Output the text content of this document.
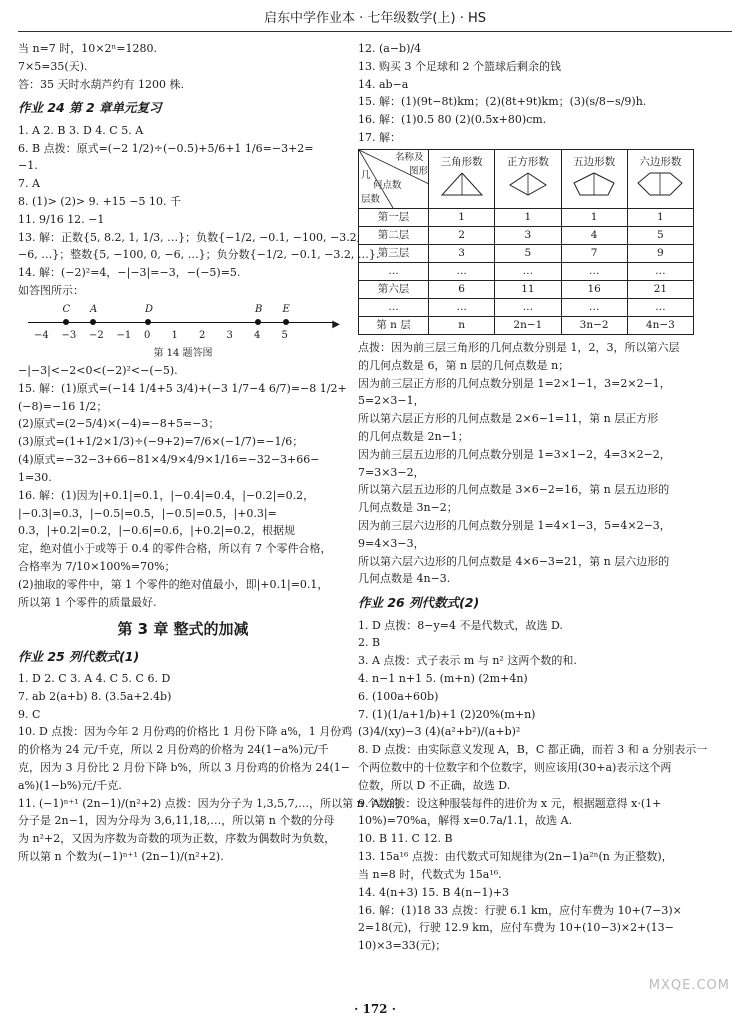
启东中学作业本 · 七年级数学(上) · HS
当 n=7 时，10×2ⁿ=1280.
7×5=35(天).
答：35 天时水葫芦约有 1200 株.
作业 24 第 2 章单元复习
1. A 2. B 3. D 4. C 5. A
6. B 点拨：原式=(−2 1/2)÷(−0.5)+5/6+1 1/6=−3+2=
−1.
7. A
8. (1)> (2)> 9. +15 −5 10. 千
11. 9/16 12. −1
13. 解：正数{5, 8.2, 1, 1/3, …}；负数{−1/2, −0.1, −100, −3.2,
−6, …}；整数{5, −100, 0, −6, …}；负分数{−1/2, −0.1, −3.2, …}.
14. 解：(−2)²=4，−|−3|=−3，−(−5)=5.
如答图所示：
▶
−4 −3 −2 −1 0 1 2 3 4 5
C A	D	B E
第 14 题答图
−|−3|<−2<0<(−2)²<−(−5).
15. 解：(1)原式=(−14 1/4+5 3/4)+(−3 1/7−4 6/7)=−8 1/2+
(−8)=−16 1/2；
(2)原式=(2−5/4)×(−4)=−8+5=−3；
(3)原式=(1+1/2×1/3)÷(−9+2)=7/6×(−1/7)=−1/6；
(4)原式=−32−3+66−81×4/9×4/9×1/16=−32−3+66−
1=30.
16. 解：(1)因为|+0.1|=0.1，|−0.4|=0.4，|−0.2|=0.2，
|−0.3|=0.3，|−0.5|=0.5，|−0.5|=0.5，|+0.3|=
0.3，|+0.2|=0.2，|−0.6|=0.6，|+0.2|=0.2，根据规
定，绝对值小于或等于 0.4 的零件合格，所以有 7 个零件合格，
合格率为 7/10×100%=70%；
(2)抽取的零件中，第 1 个零件的绝对值最小，即|+0.1|=0.1，
所以第 1 个零件的质量最好.
第 3 章 整式的加减
作业 25 列代数式(1)
1. D 2. C 3. A 4. C 5. C 6. D
7. ab 2(a+b) 8. (3.5a+2.4b)
9. C
10. D 点拨：因为今年 2 月份鸡的价格比 1 月份下降 a%，1 月份鸡
的价格为 24 元/千克，所以 2 月份鸡的价格为 24(1−a%)元/千
克，因为 3 月份比 2 月份下降 b%，所以 3 月份鸡的价格为 24(1−
a%)(1−b%)元/千克.
11. (−1)ⁿ⁺¹ (2n−1)/(n²+2) 点拨：因为分子为 1,3,5,7,…，所以第 n 个数的
分子是 2n−1，因为分母为 3,6,11,18,…，所以第 n 个数的分母
为 n²+2，又因为序数为奇数的项为正数，序数为偶数时为负数，
所以第 n 个数为(−1)ⁿ⁺¹ (2n−1)/(n²+2).
12. (a−b)/4
13. 购买 3 个足球和 2 个篮球后剩余的钱
14. ab−a
15. 解：(1)(9t−8t)km；(2)(8t+9t)km；(3)(s/8−s/9)h.
16. 解：(1)0.5 80 (2)(0.5x+80)cm.
17. 解：
名称及
图形
几
何点数
层数	三角形数	正方形数	五边形数	六边形数

第一层	1	1	1	1
第二层	2	3	4	5
第三层	3	5	7	9
…	…	…	…	…
第六层	6	11	16	21
…	…	…	…	…
第 n 层	n	2n−1	3n−2	4n−3
点拨：因为前三层三角形的几何点数分别是 1，2，3，所以第六层
的几何点数是 6，第 n 层的几何点数是 n；
因为前三层正方形的几何点数分别是 1=2×1−1，3=2×2−1，
5=2×3−1，
所以第六层正方形的几何点数是 2×6−1=11，第 n 层正方形
的几何点数是 2n−1；
因为前三层五边形的几何点数分别是 1=3×1−2，4=3×2−2，
7=3×3−2，
所以第六层五边形的几何点数是 3×6−2=16，第 n 层五边形的
几何点数是 3n−2；
因为前三层六边形的几何点数分别是 1=4×1−3，5=4×2−3，
9=4×3−3，
所以第六层六边形的几何点数是 4×6−3=21，第 n 层六边形的
几何点数是 4n−3.
作业 26 列代数式(2)
1. D 点拨：8−y=4 不是代数式，故选 D.
2. B
3. A 点拨：式子表示 m 与 n² 这两个数的和.
4. n−1 n+1 5. (m+n) (2m+4n)
6. (100a+60b)
7. (1)(1/a+1/b)+1 (2)20%(m+n)
(3)4/(xy)−3 (4)(a²+b²)/(a+b)²
8. D 点拨：由实际意义发现 A，B，C 都正确，而若 3 和 a 分别表示一
个两位数中的十位数字和个位数字，则应该用(30+a)表示这个两
位数，所以 D 不正确，故选 D.
9. A 点拨：设这种服装每件的进价为 x 元，根据题意得 x·(1+
10%)=70%a，解得 x=0.7a/1.1，故选 A.
10. B 11. C 12. B
13. 15a¹⁶ 点拨：由代数式可知规律为(2n−1)a²ⁿ(n 为正整数)，
当 n=8 时，代数式为 15a¹⁶.
14. 4(n+3) 15. B 4(n−1)+3
16. 解：(1)18 33 点拨：行驶 6.1 km，应付车费为 10+(7−3)×
2=18(元)，行驶 12.9 km，应付车费为 10+(10−3)×2+(13−
10)×3=33(元)；
· 172 ·
MXQE.COM
